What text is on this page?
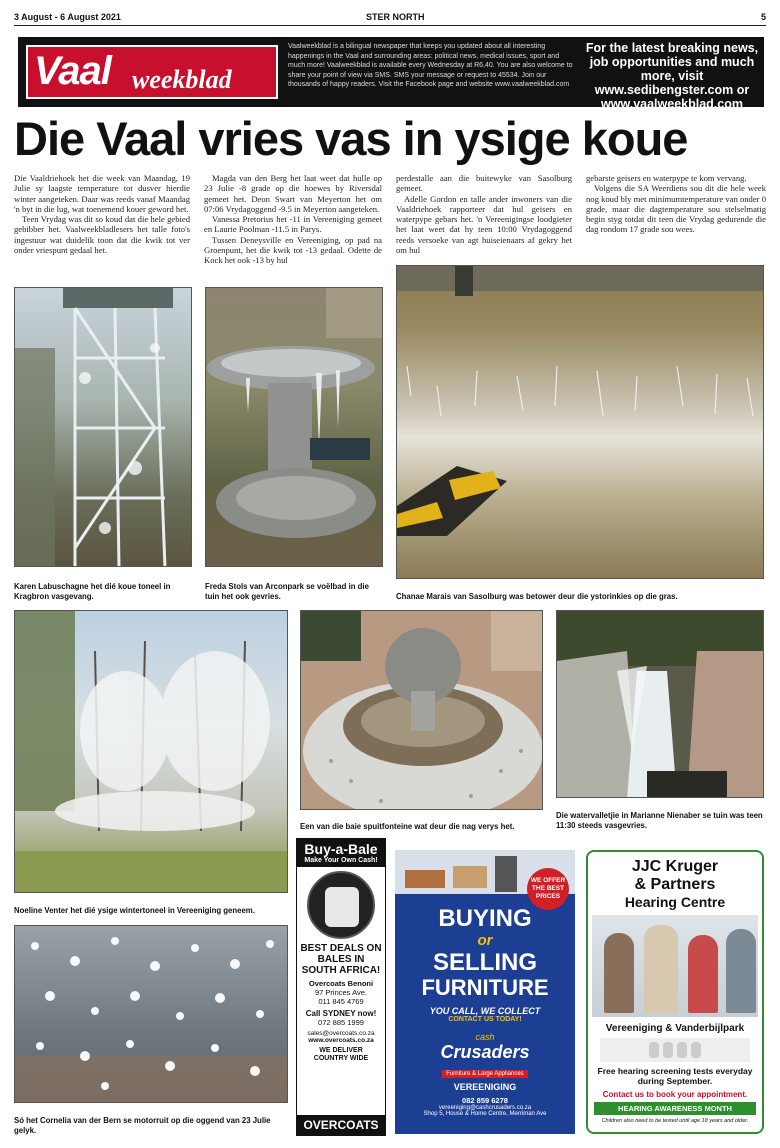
3 August - 6 August 2021	STER NORTH	5
Vaal weekblad
Vaalweekblad is a bilingual newspaper that keeps you updated about all interesting happenings in the Vaal and surrounding areas: political news, medical issues, sport and much more! Vaalweekblad is available every Wednesday at R6,40. You are also welcome to share your point of view via SMS. SMS your message or request to 45534. Join our thousands of happy readers. Visit the Facebook page and website www.vaalweekblad.com
For the latest breaking news, job opportunities and much more, visit
www.sedibengster.com or
www.vaalweekblad.com
Die Vaal vries vas in ysige koue

Die Vaaldriehoek het die week van Maandag, 19 Julie sy laagste temperature tot dusver hierdie winter aangeteken. Daar was reeds vanaf Maandag 'n byt in die lug, wat toenemend kouer geword het.

Teen Vrydag was dit so koud dat die hele gebied gebibber het. Vaalweekbladlesers het talle foto's ingestuur wat duidelik toon dat die kwik tot ver onder vriespunt gedaal het.

Magda van den Berg het laat weet dat hulle op 23 Julie -8 grade op die hoewes by Riversdal gemeet het. Deon Swart van Meyerton het om 07:06 Vrydagoggend -9.5 in Meyerton aangeteken.

Vanessa Pretorius het -11 in Vereeniging gemeet en Laurie Poolman -11.5 in Parys.

Tussen Deneysville en Vereeniging, op pad na Groenpunt, het die kwik tot -13 gedaal. Odette de Kock het ook -13 by hul

perdestalle aan die buitewyke van Sasolburg gemeet.

Adelle Gordon en talle ander inwoners van die Vaaldriehoek rapporteer dat hul geisers en waterpype gebars het. 'n Vereenigingse loodgieter het laat weet dat hy teen 10:00 Vrydagoggend reeds versoeke van agt huiseienaars af gekry het om hul

gebarste geisers en waterpype te kom vervang.

Volgens die SA Weerdiens sou dit die hele week nog koud bly met minimumtemperature van onder 0 grade, maar die dagtemperature sou stelselmatig begin styg totdat dit teen die Vrydag gedurende die dag rondom 17 grade sou wees.

Karen Labuschagne het dié koue toneel in Kragbron vasgevang.
Freda Stols van Arconpark se voëlbad in die tuin het ook gevries.	Chanae Marais van Sasolburg was betower deur die ystorinkies op die gras.
Noeline Venter het dié ysige wintertoneel in Vereeniging geneem.
Een van die baie spuitfonteine wat deur die nag verys het.
Die watervalletjie in Marianne Nienaber se tuin was teen 11:30 steeds vasgevries.
Só het Cornelia van der Bern se motorruit op die oggend van 23 Julie gelyk.
Buy-a-Bale
Make Your Own Cash!
BEST DEALS ON BALES IN SOUTH AFRICA!
Overcoats Benoni
97 Princes Ave.
011 845 4769
Call SYDNEY now!
072 885 1999
sales@overcoats.co.za
www.overcoats.co.za
WE DELIVER COUNTRY WIDE
OVERCOATS
WE OFFER THE BEST PRICES
BUYING
or
SELLING
FURNITURE
YOU CALL, WE COLLECT
CONTACT US TODAY!
cash
Crusaders
Furniture & Large Appliances
VEREENIGING
082 859 6278
vereeniging@cashcrusaders.co.za
Shop 5, House & Home Centre, Merriman Ave
JJC Kruger
& Partners
Hearing Centre
Vereeniging & Vanderbijlpark
Free hearing screening tests everyday during September.
Contact us to book your appointment.
HEARING AWARENESS MONTH
Children also need to be tested until age 18 years and older.
